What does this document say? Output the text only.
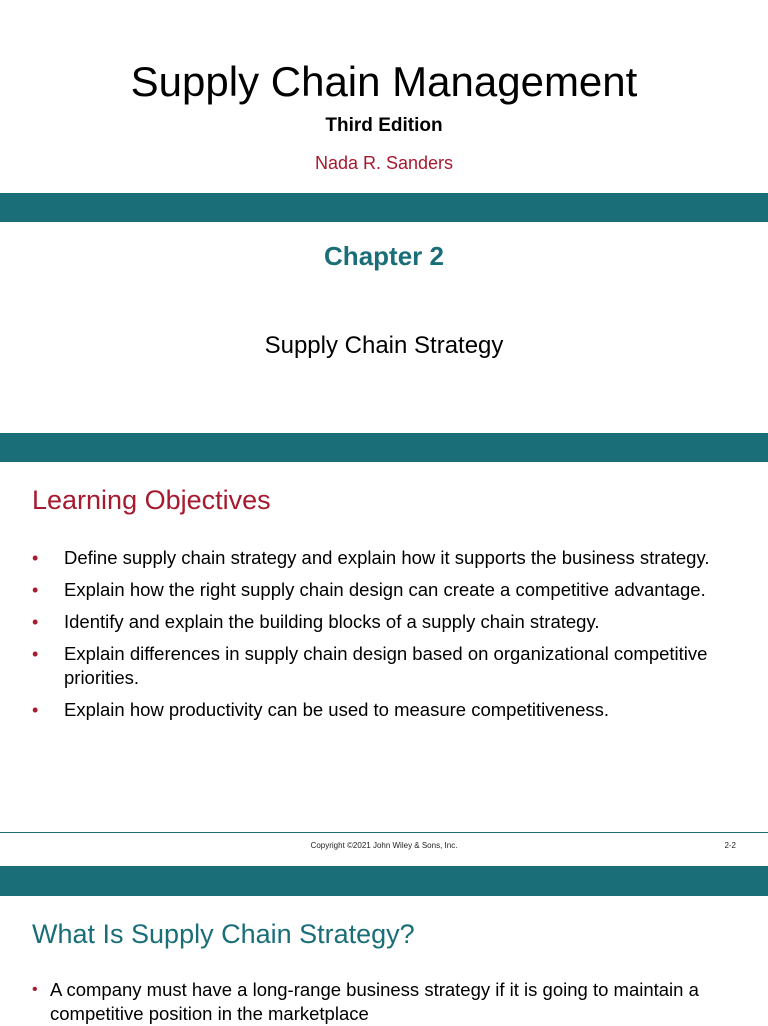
Supply Chain Management
Third Edition
Nada R. Sanders
Chapter 2
Supply Chain Strategy
Learning Objectives
• Define supply chain strategy and explain how it supports the business strategy.
• Explain how the right supply chain design can create a competitive advantage.
• Identify and explain the building blocks of a supply chain strategy.
• Explain differences in supply chain design based on organizational competitive priorities.
• Explain how productivity can be used to measure competitiveness.
Copyright ©2021 John Wiley & Sons, Inc.	2-2
What Is Supply Chain Strategy?
• A company must have a long-range business strategy if it is going to maintain a competitive position in the marketplace
